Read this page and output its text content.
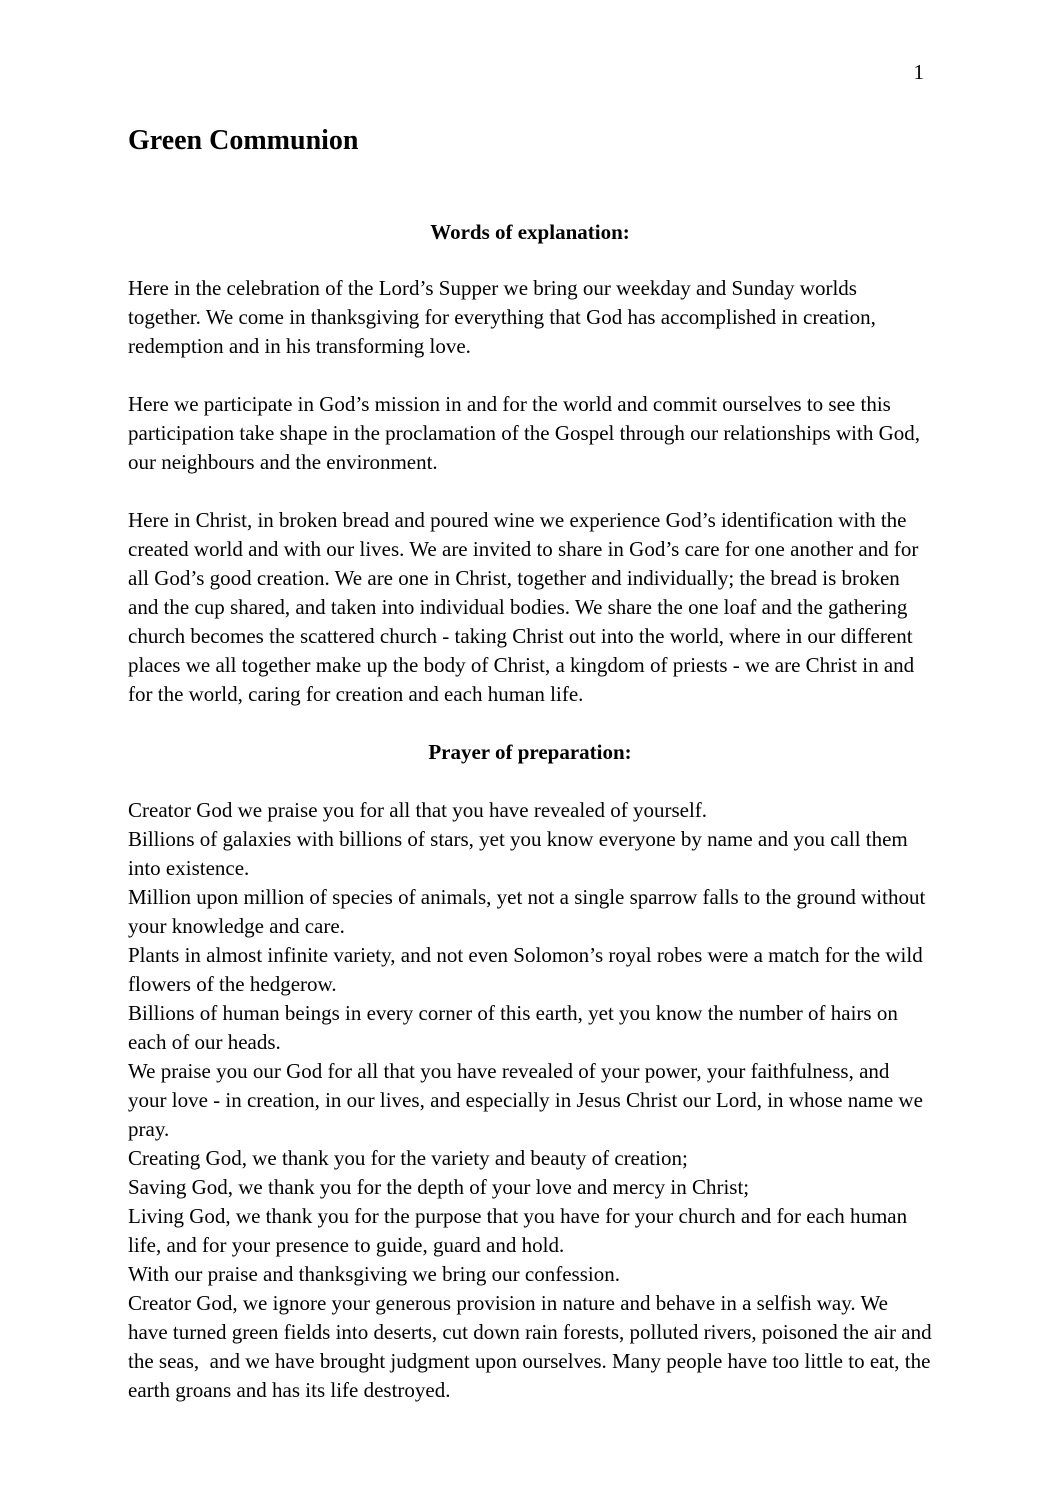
1
Green Communion

Words of explanation:

Here in the celebration of the Lord’s Supper we bring our weekday and Sunday worlds together. We come in thanksgiving for everything that God has accomplished in creation, redemption and in his transforming love.

Here we participate in God’s mission in and for the world and commit ourselves to see this participation take shape in the proclamation of the Gospel through our relationships with God, our neighbours and the environment.

Here in Christ, in broken bread and poured wine we experience God’s identification with the created world and with our lives. We are invited to share in God’s care for one another and for all God’s good creation. We are one in Christ, together and individually; the bread is broken and the cup shared, and taken into individual bodies. We share the one loaf and the gathering church becomes the scattered church - taking Christ out into the world, where in our different places we all together make up the body of Christ, a kingdom of priests - we are Christ in and for the world, caring for creation and each human life.

Prayer of preparation:

Creator God we praise you for all that you have revealed of yourself.

Billions of galaxies with billions of stars, yet you know everyone by name and you call them into existence.

Million upon million of species of animals, yet not a single sparrow falls to the ground without your knowledge and care.

Plants in almost infinite variety, and not even Solomon’s royal robes were a match for the wild flowers of the hedgerow.

Billions of human beings in every corner of this earth, yet you know the number of hairs on each of our heads.

We praise you our God for all that you have revealed of your power, your faithfulness, and your love - in creation, in our lives, and especially in Jesus Christ our Lord, in whose name we pray.

Creating God, we thank you for the variety and beauty of creation;

Saving God, we thank you for the depth of your love and mercy in Christ;

Living God, we thank you for the purpose that you have for your church and for each human life, and for your presence to guide, guard and hold.

With our praise and thanksgiving we bring our confession.

Creator God, we ignore your generous provision in nature and behave in a selfish way. We have turned green fields into deserts, cut down rain forests, polluted rivers, poisoned the air and the seas,  and we have brought judgment upon ourselves. Many people have too little to eat, the earth groans and has its life destroyed.
